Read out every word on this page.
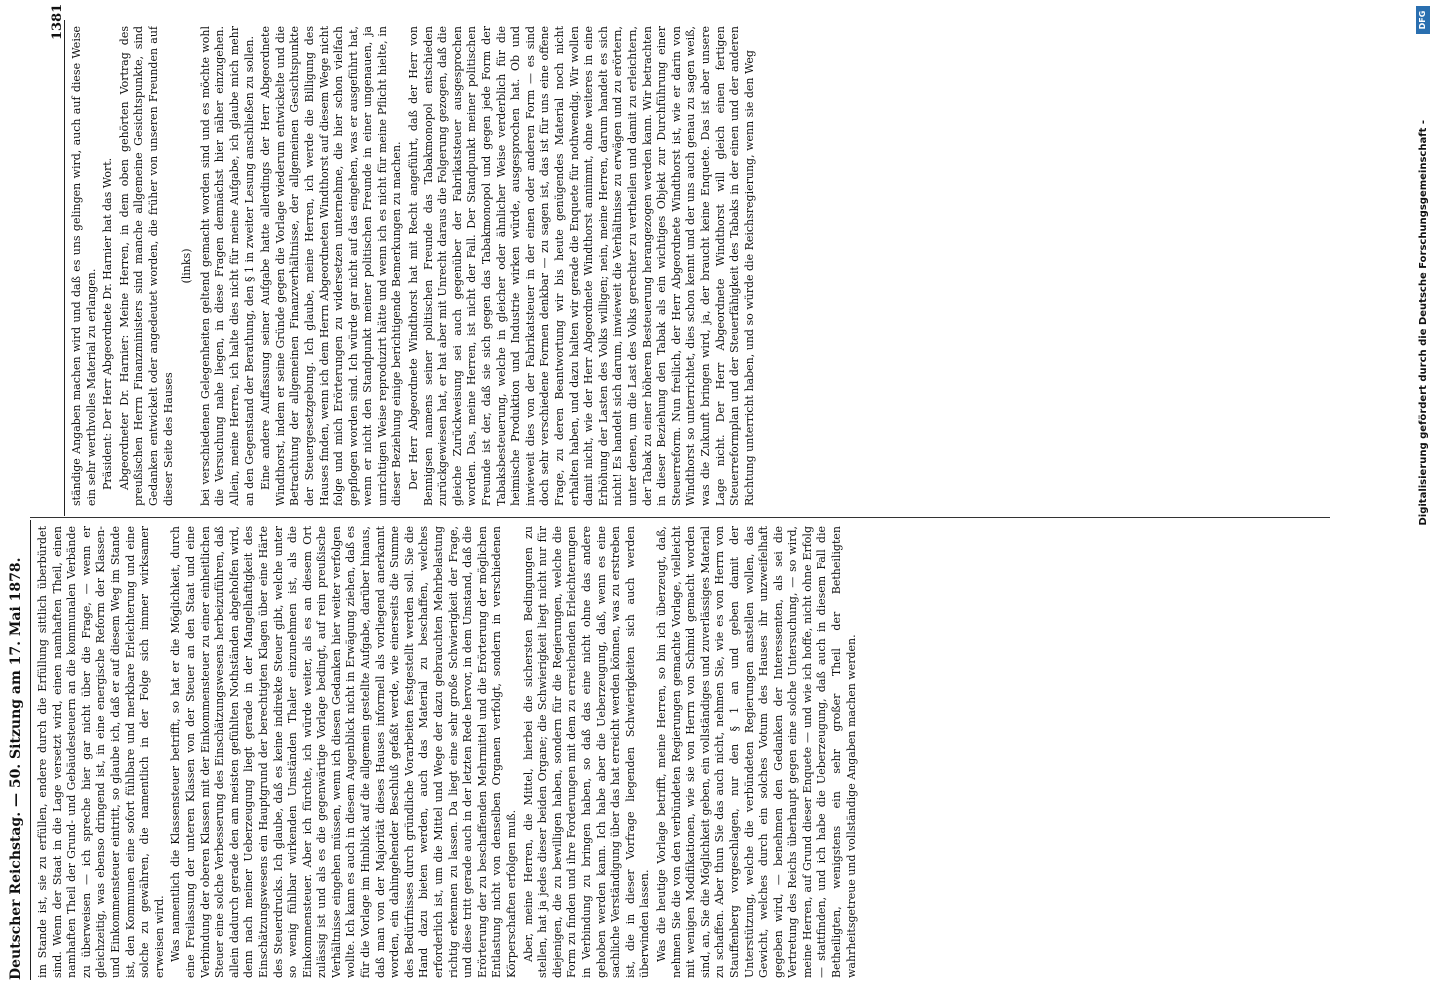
Deutscher Reichstag. — 50. Sitzung am 17. Mai 1878.
1381

im Stande ist, sie zu erfüllen, endere durch die Erfüllung sittlich überbürdet sind. Wenn der Staat in die Lage versetzt wird, einen namhaften Theil, einen namhaften Theil der Grund- und Gebäudesteuern an die kommunalen Verbände zu überweisen — ich spreche hier gar nicht über die Frage, — wenn er gleichzeitig, was ebenso dringend ist, in eine energische Reform der Klassen- und Einkommensteuer eintritt, so glaube ich, daß er auf diesem Weg im Stande ist, den Kommunen eine sofort fühlbare und merkbare Erleichterung und eine solche zu gewähren, die namentlich in der Folge sich immer wirksamer erweisen wird. Was namentlich die Klassensteuer betrifft, so hat er die Möglichkeit, durch eine Freilassung der unteren Klassen von der Steuer an den Staat und eine Verbindung der oberen Klassen mit der Einkommensteuer zu einer einheitlichen Steuer eine solche Verbesserung des Einschätzungswesens herbeizuführen, daß allein dadurch gerade den am meisten gefühlten Nothständen abgeholfen wird, denn nach meiner Ueberzeugung liegt gerade in der Mangelhaftigkeit des Einschätzungswesens ein Hauptgrund der berechtigten Klagen über eine Härte des Steuerdrucks. Ich glaube, daß es keine indirekte Steuer gibt, welche unter so wenig fühlbar wirkenden Umständen Thaler einzunehmen ist, als die Einkommensteuer. Aber ich fürchte, ich würde weiter, als es an diesem Ort zulässig ist und als es die gegenwärtige Vorlage bedingt, auf rein preußische Verhältnisse eingehen müssen, wenn ich diesen Gedanken hier weiter verfolgen wollte. Ich kann es auch in diesem Augenblick nicht in Erwägung ziehen, daß es für die Vorlage im Hinblick auf die allgemein gestellte Aufgabe, darüber hinaus, daß man von der Majorität dieses Hauses informell als vorliegend anerkannt worden, ein dahingehender Beschluß gefaßt werde, wie einerseits die Summe des Bedürfnisses durch gründliche Vorarbeiten festgestellt werden soll. Sie die Hand dazu bieten werden, auch das Material zu beschaffen, welches erforderlich ist, um die Mittel und Wege der dazu gebrauchten Mehrbelastung richtig erkennen zu lassen. Da liegt eine sehr große Schwierigkeit der Frage, und diese tritt gerade auch in der letzten Rede hervor, in dem Umstand, daß die Erörterung der zu beschaffenden Mehrmittel und die Erörterung der möglichen Entlastung nicht von denselben Organen verfolgt, sondern in verschiedenen Körperschaften erfolgen muß. Aber, meine Herren, die Mittel, hierbei die sichersten Bedingungen zu stellen, hat ja jedes dieser beiden Organe; die Schwierigkeit liegt nicht nur für diejenigen, die zu bewilligen haben, sondern für die Regierungen, welche die Form zu finden und ihre Forderungen mit dem zu erreichenden Erleichterungen in Verbindung zu bringen haben, so daß das eine nicht ohne das andere gehoben werden kann. Ich habe aber die Ueberzeugung, daß, wenn es eine sachliche Verständigung über das hat erreicht werden können, was zu erstreben ist, die in dieser Vorfrage liegenden Schwierigkeiten sich auch werden überwinden lassen. Was die heutige Vorlage betrifft, meine Herren, so bin ich überzeugt, daß, nehmen Sie die von den verbündeten Regierungen gemachte Vorlage, vielleicht mit wenigen Modifikationen, wie sie von Herrn von Schmid gemacht worden sind, an, Sie die Möglichkeit geben, ein vollständiges und zuverlässiges Material zu schaffen. Aber thun Sie das auch nicht, nehmen Sie, wie es von Herrn von Stauffenberg vorgeschlagen, nur den § 1 an und geben damit der Unterstützung, welche die verbündeten Regierungen anstellen wollen, das Gewicht, welches durch ein solches Votum des Hauses ihr unzweifelhaft gegeben wird, — benehmen den Gedanken der Interessenten, als sei die Vertretung des Reichs überhaupt gegen eine solche Untersuchung, — so wird, meine Herren, auf Grund dieser Enquete — und wie ich hoffe, nicht ohne Erfolg — stattfinden, und ich habe die Ueberzeugung, daß auch in diesem Fall die Betheiligten, wenigstens ein sehr großer Theil der Betheiligten wahrheitsgetreue und vollständige Angaben machen werden.

ständige Angaben machen wird und daß es uns gelingen wird, auch auf diese Weise ein sehr werthvolles Material zu erlangen. Präsident: Der Herr Abgeordnete Dr. Harnier hat das Wort. Abgeordneter Dr. Harnier: Meine Herren, in dem oben gehörten Vortrag des preußischen Herrn Finanzministers sind manche allgemeine Gesichtspunkte, sind Gedanken entwickelt oder angedeutet worden, die früher von unseren Freunden auf dieser Seite des Hauses

(links) bei verschiedenen Gelegenheiten geltend gemacht worden sind und es möchte wohl die Versuchung nahe liegen, in diese Fragen demnächst hier näher einzugehen. Allein, meine Herren, ich halte dies nicht für meine Aufgabe, ich glaube mich mehr an den Gegenstand der Berathung, den § 1 in zweiter Lesung anschließen zu sollen. Eine andere Auffassung seiner Aufgabe hatte allerdings der Herr Abgeordnete Windthorst, indem er seine Gründe gegen die Vorlage wiederum entwickelte und die Betrachtung der allgemeinen Finanzverhältnisse, der allgemeinen Gesichtspunkte der Steuergesetzgebung. Ich glaube, meine Herren, ich werde die Billigung des Hauses finden, wenn ich dem Herrn Abgeordneten Windthorst auf diesem Wege nicht folge und mich Erörterungen zu widersetzen unternehme, die hier schon vielfach gepflogen worden sind. Ich würde gar nicht auf das eingehen, was er ausgeführt hat, wenn er nicht den Standpunkt meiner politischen Freunde in einer ungenauen, ja unrichtigen Weise reproduzirt hätte und wenn ich es nicht für meine Pflicht hielte, in dieser Beziehung einige berichtigende Bemerkungen zu machen. Der Herr Abgeordnete Windthorst hat mit Recht angeführt, daß der Herr von Bennigsen namens seiner politischen Freunde das Tabakmonopol entschieden zurückgewiesen hat, er hat aber mit Unrecht daraus die Folgerung gezogen, daß die gleiche Zurückweisung sei auch gegenüber der Fabrikatsteuer ausgesprochen worden. Das, meine Herren, ist nicht der Fall. Der Standpunkt meiner politischen Freunde ist der, daß sie sich gegen das Tabakmonopol und gegen jede Form der Tabaksbesteuerung, welche in gleicher oder ähnlicher Weise verderblich für die heimische Produktion und Industrie wirken würde, ausgesprochen hat. Ob und inwieweit dies von der Fabrikatsteuer in der einen oder anderen Form — es sind doch sehr verschiedene Formen denkbar — zu sagen ist, das ist für uns eine offene Frage, zu deren Beantwortung wir bis heute genügendes Material noch nicht erhalten haben, und dazu halten wir gerade die Enquete für nothwendig. Wir wollen damit nicht, wie der Herr Abgeordnete Windthorst annimmt, ohne weiteres in eine Erhöhung der Lasten des Volks willigen; nein, meine Herren, darum handelt es sich nicht! Es handelt sich darum, inwieweit die Verhältnisse zu erwägen und zu erörtern, unter denen, um die Last des Volks gerechter zu vertheilen und damit zu erleichtern, der Tabak zu einer höheren Besteuerung herangezogen werden kann. Wir betrachten in dieser Beziehung den Tabak als ein wichtiges Objekt zur Durchführung einer Steuerreform. Nun freilich, der Herr Abgeordnete Windthorst ist, wie er darin von Windthorst so unterrichtet, dies schon kennt und der uns auch genau zu sagen weiß, was die Zukunft bringen wird, ja, der braucht keine Enquete. Das ist aber unsere Lage nicht. Der Herr Abgeordnete Windthorst will gleich einen fertigen Steuerreformplan und der Steuerfähigkeit des Tabaks in der einen und der anderen Richtung unterricht haben, und so würde die Reichsregierung, wenn sie den Weg	Digitalisierung gefördert durch die Deutsche Forschungsgemeinschaft -
DFG
